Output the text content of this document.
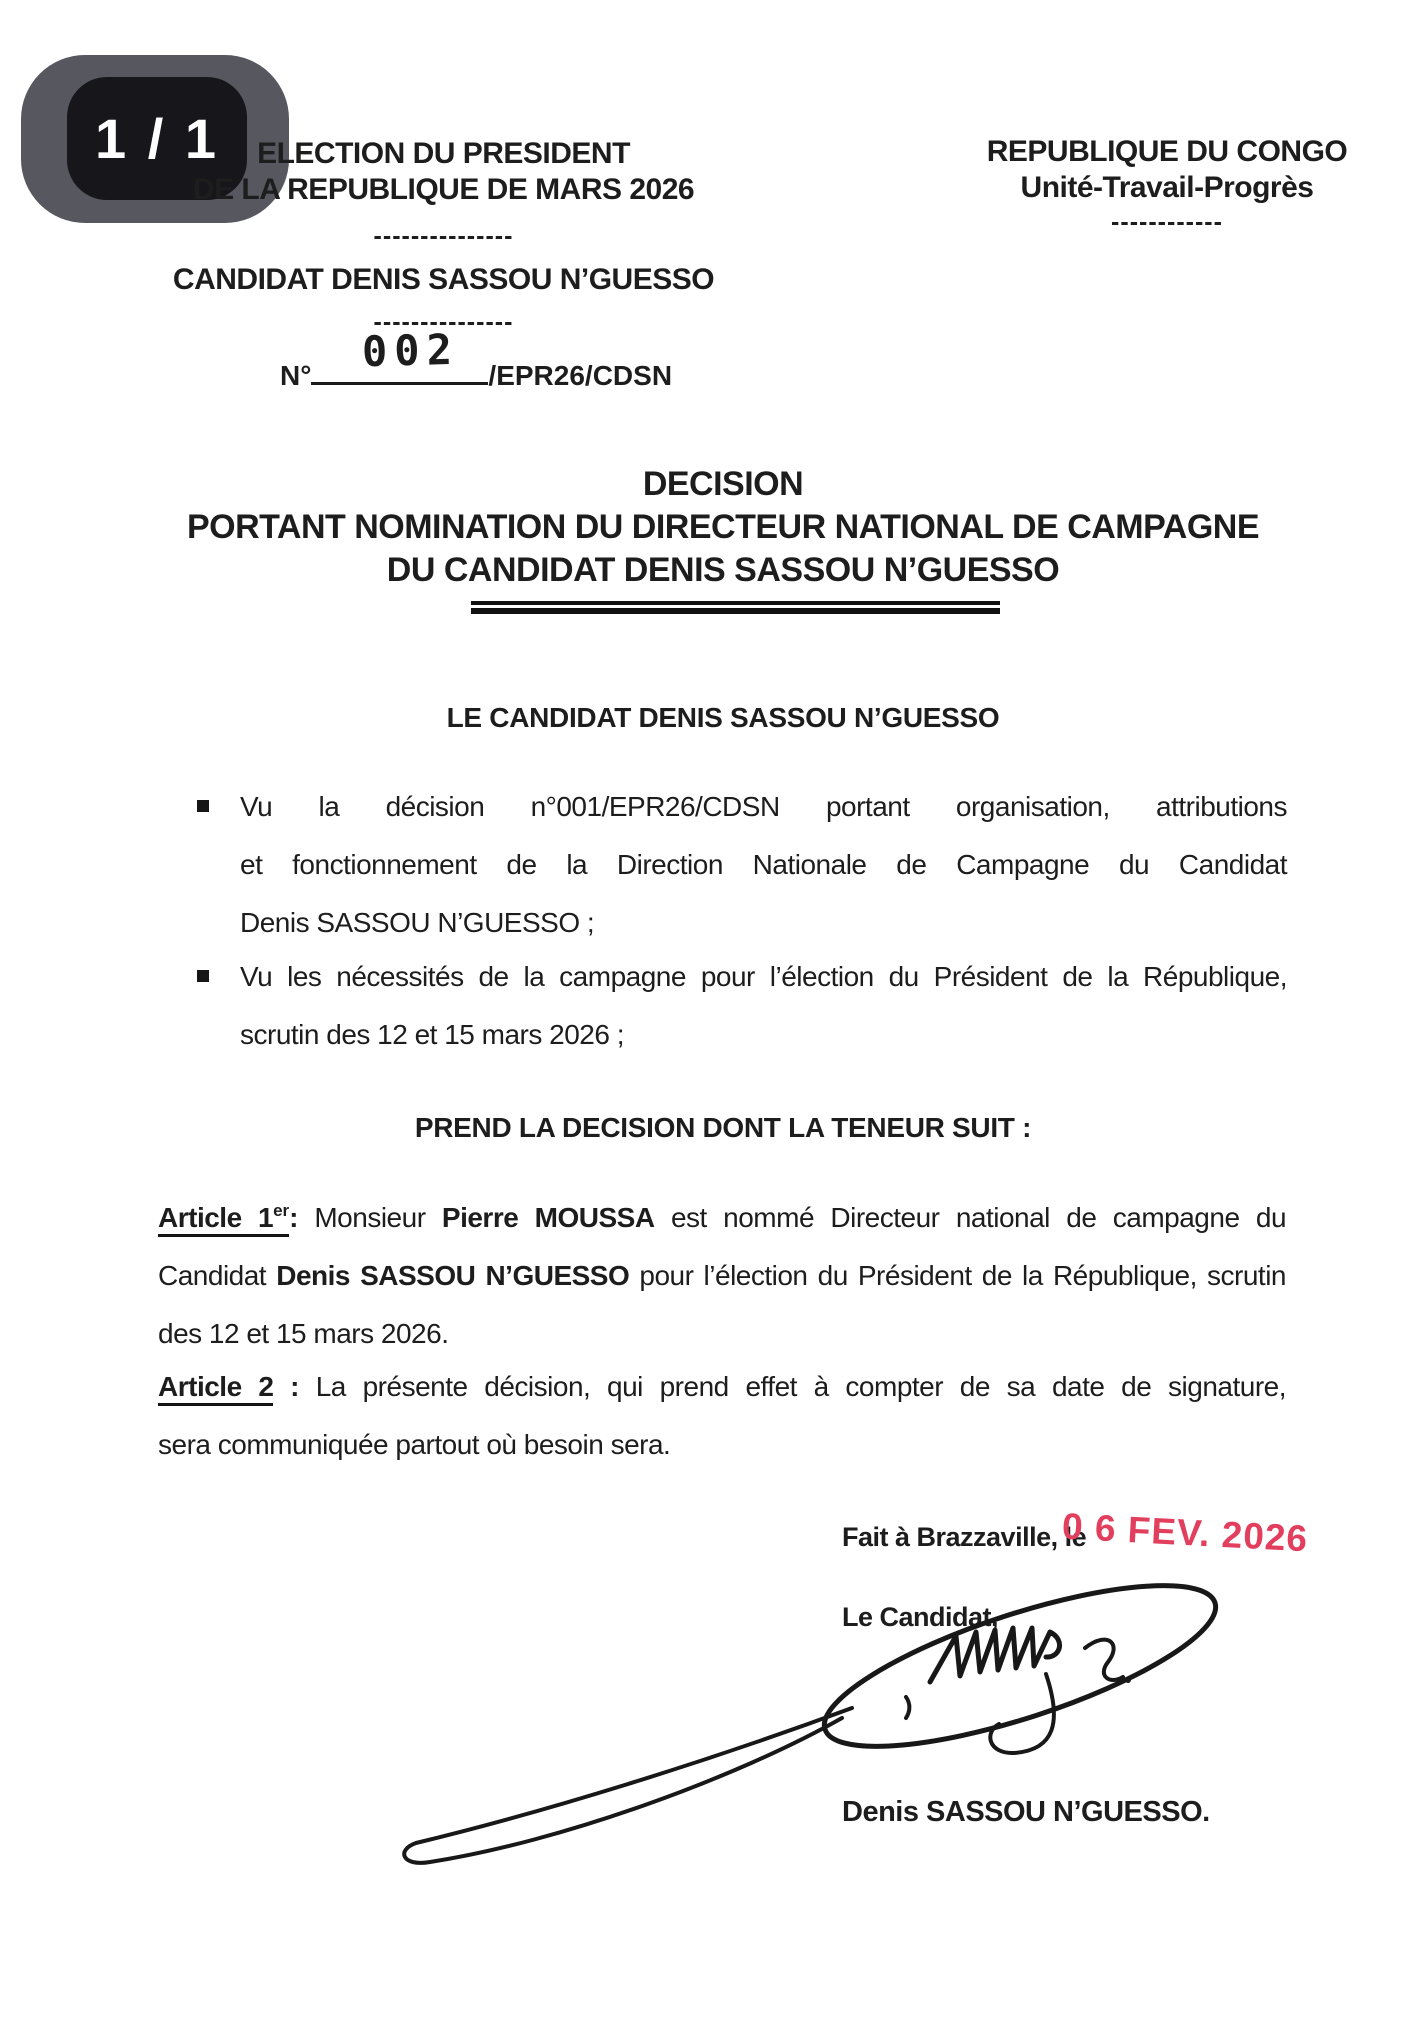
1 / 1	ELECTION DU PRESIDENT
DE LA REPUBLIQUE DE MARS 2026
---------------
CANDIDAT DENIS SASSOU N’GUESSO
---------------
REPUBLIQUE DU CONGO
Unité-Travail-Progrès
------------
N°	/EPR26/CDSN
002
DECISION
PORTANT NOMINATION DU DIRECTEUR NATIONAL DE CAMPAGNE
DU CANDIDAT DENIS SASSOU N’GUESSO
LE CANDIDAT DENIS SASSOU N’GUESSO
Vu la décision n°001/EPR26/CDSN portant organisation, attributions
et fonctionnement de la Direction Nationale de Campagne du Candidat
Denis SASSOU N’GUESSO ;
Vu les nécessités de la campagne pour l’élection du Président de la République,
scrutin des 12 et 15 mars 2026 ;
PREND LA DECISION DONT LA TENEUR SUIT :
Article 1er: Monsieur Pierre MOUSSA est nommé Directeur national de campagne du
Candidat Denis SASSOU N’GUESSO pour l’élection du Président de la République, scrutin
des 12 et 15 mars 2026.
Article 2 : La présente décision, qui prend effet à compter de sa date de signature,
sera communiquée partout où besoin sera.
Fait à Brazzaville, le
0 6 FEV. 2026
Le Candidat,
Denis SASSOU N’GUESSO.
